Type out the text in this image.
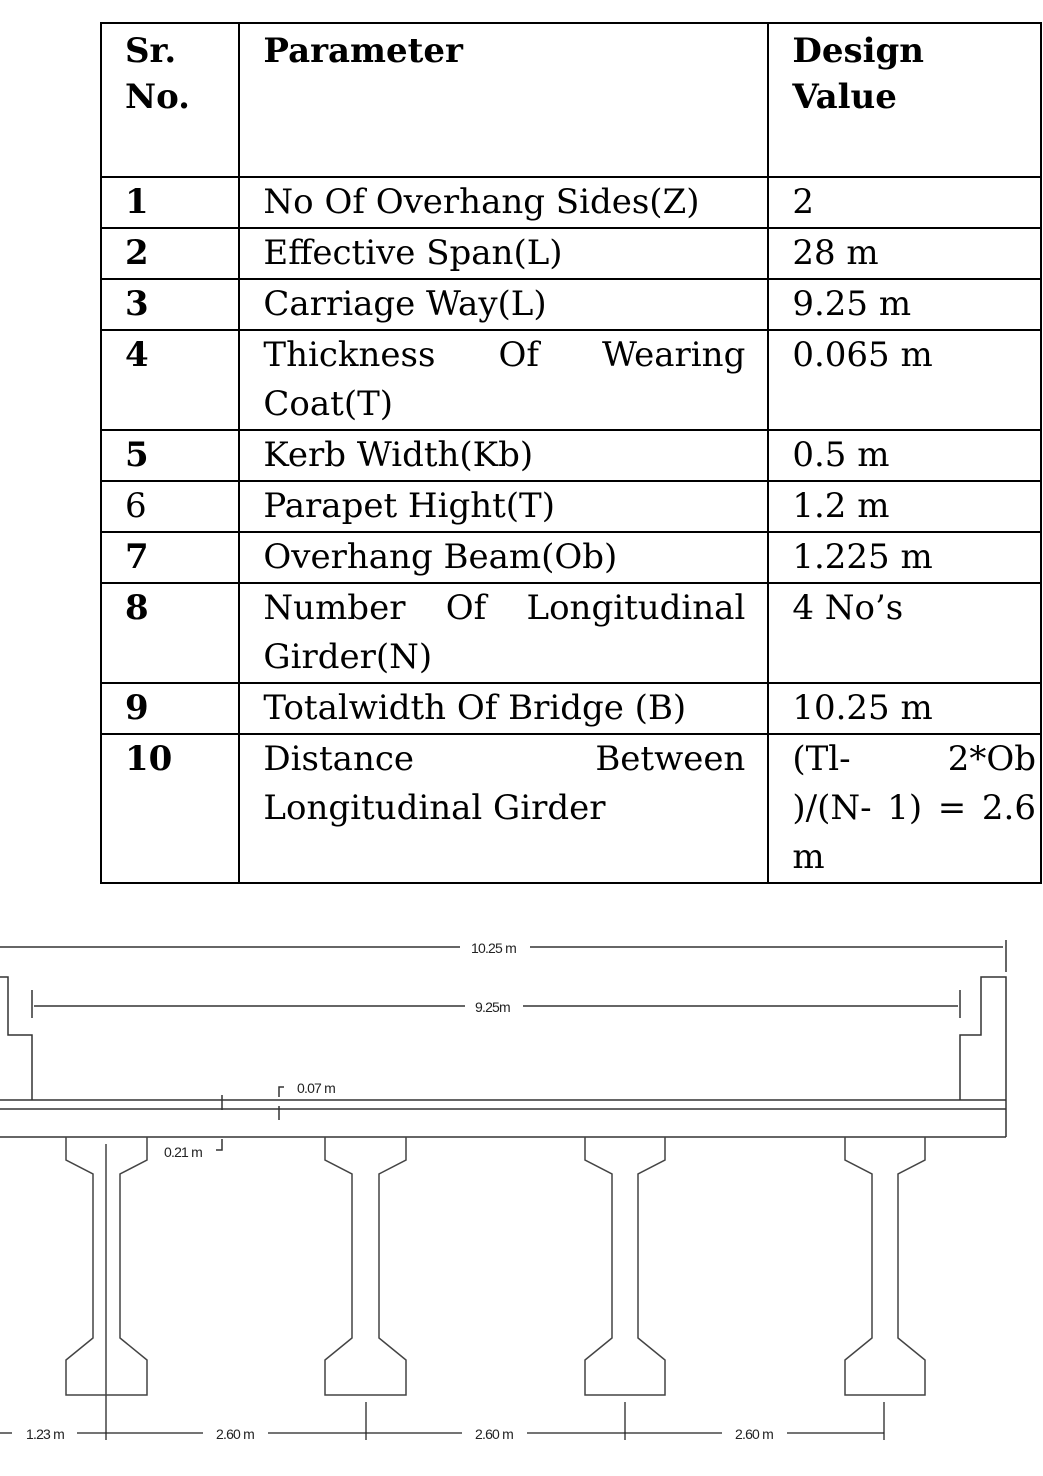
Sr. No.	Parameter	Design Value
1	No Of Overhang Sides(Z)	2
2	Effective Span(L)	28 m
3	Carriage Way(L)	9.25 m
4	Thickness Of Wearing Coat(T)	0.065 m
5	Kerb Width(Kb)	0.5 m
6	Parapet Hight(T)	1.2 m
7	Overhang Beam(Ob)	1.225 m
8	Number Of Longitudinal Girder(N)	4 No’s
9	Totalwidth Of Bridge (B)	10.25 m
10	Distance Between Longitudinal Girder	(Tl- 2*Ob )/(N- 1) = 2.6 m
10.25 m
9.25m
0.07 m
0.21 m
1.23 m	2.60 m	2.60 m	2.60 m
